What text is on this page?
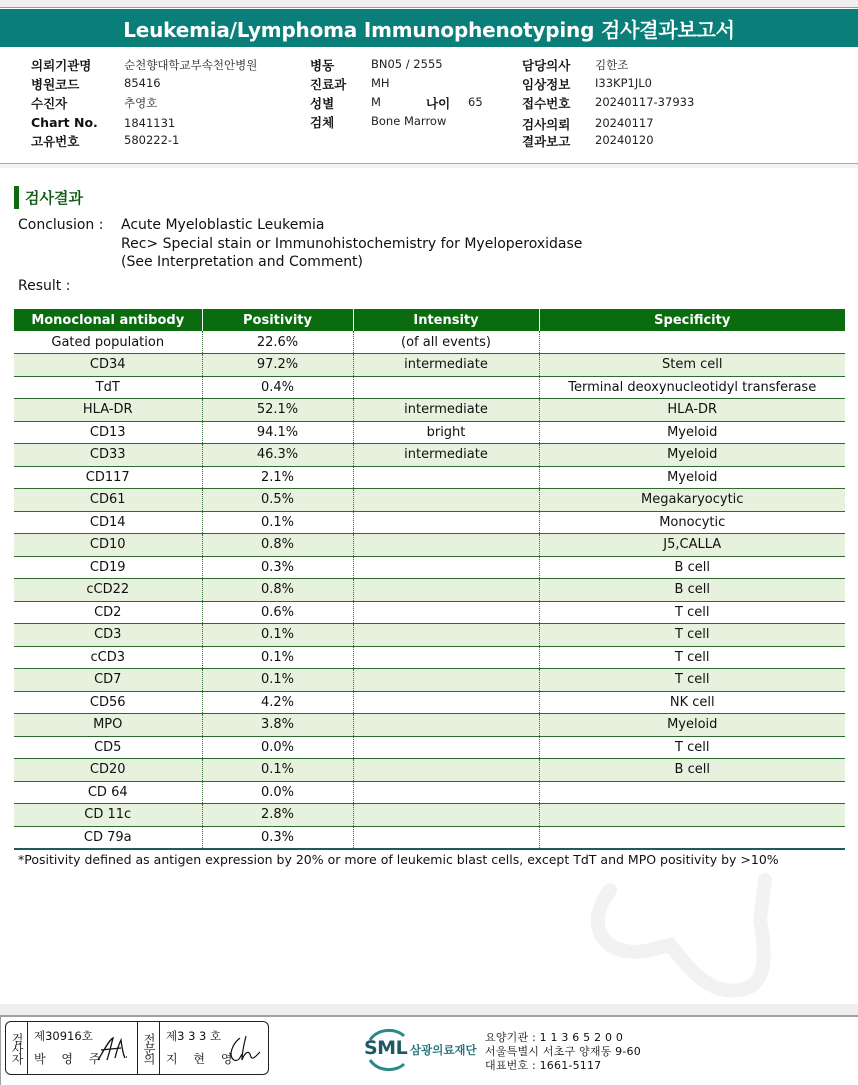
Leukemia/Lymphoma Immunophenotyping 검사결과보고서
의뢰기관명	순천향대학교부속천안병원
병원코드	85416
수진자	추영호
Chart No. 1841131
고유번호	580222-1
병동	BN05 / 2555
진료과 MH
성별	M	나이 65
검체	Bone Marrow
담당의사 김한조
임상정보 I33KP1JL0
접수번호 20240117-37933
검사의뢰 20240117
결과보고 20240120
검사결과
Conclusion : Acute Myeloblastic Leukemia
Rec> Special stain or Immunohistochemistry for Myeloperoxidase
(See Interpretation and Comment)
Result :
Monoclonal antibody	Positivity	Intensity	Specificity
Gated population	22.6%	(of all events)	
CD34	97.2%	intermediate	Stem cell
TdT	0.4%		Terminal deoxynucleotidyl transferase
HLA-DR	52.1%	intermediate	HLA-DR
CD13	94.1%	bright	Myeloid
CD33	46.3%	intermediate	Myeloid
CD117	2.1%		Myeloid
CD61	0.5%		Megakaryocytic
CD14	0.1%		Monocytic
CD10	0.8%		J5,CALLA
CD19	0.3%		B cell
cCD22	0.8%		B cell
CD2	0.6%		T cell
CD3	0.1%		T cell
cCD3	0.1%		T cell
CD7	0.1%		T cell
CD56	4.2%		NK cell
MPO	3.8%		Myeloid
CD5	0.0%		T cell
CD20	0.1%		B cell
CD 64	0.0%		
CD 11c	2.8%		
CD 79a	0.3%		
*Positivity defined as antigen expression by 20% or more of leukemic blast cells, except TdT and MPO positivity by >10%
검사자 제30916호
박 영 주	전문의 제3 3 3 호
지 현 영	SML 삼광의료재단
요양기관 : 1 1 3 6 5 2 0 0
서울특별시 서초구 양재동 9-60
대표번호 : 1661-5117
